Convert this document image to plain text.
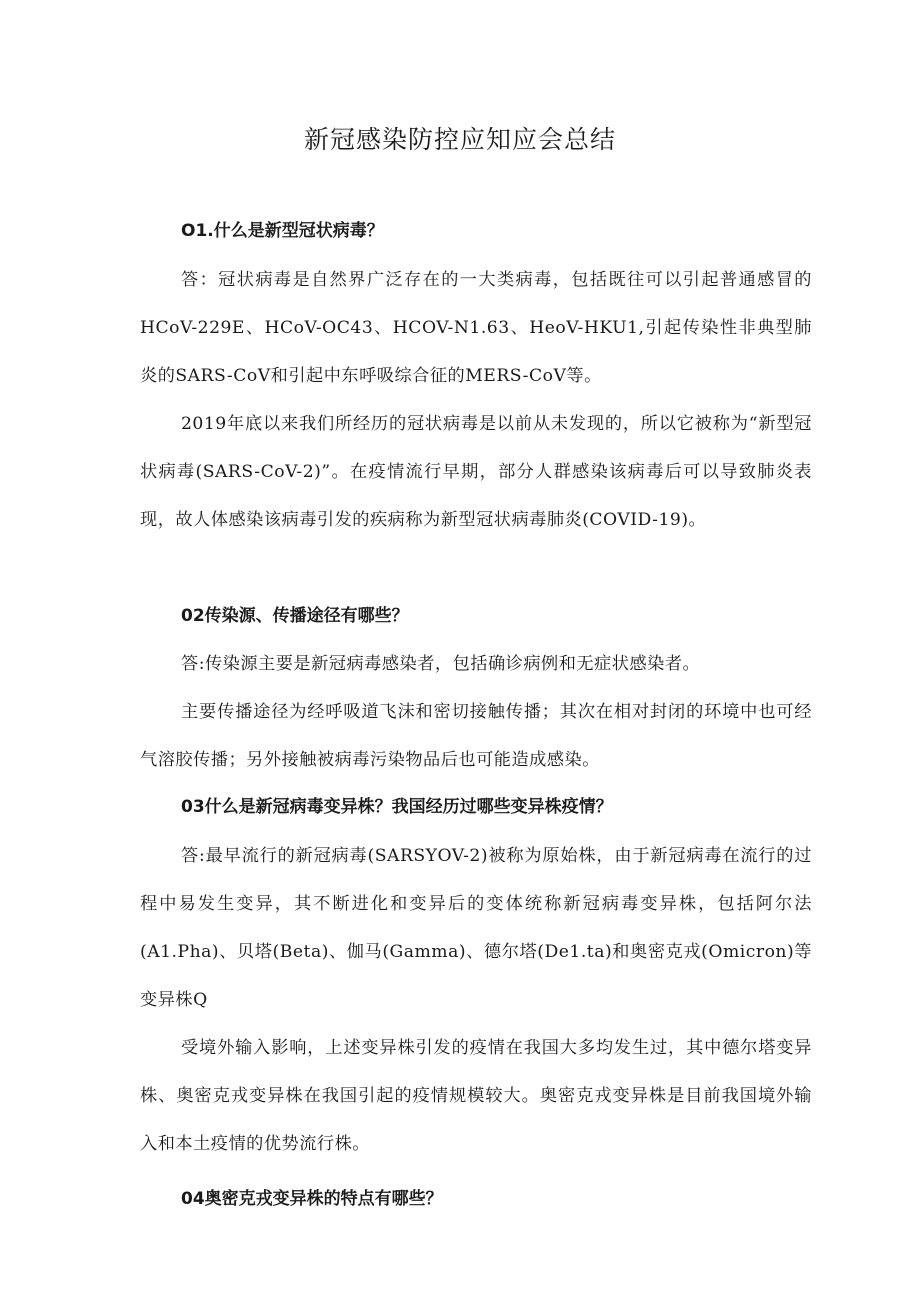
新冠感染防控应知应会总结
O1.什么是新型冠状病毒？

答：冠状病毒是自然界广泛存在的一大类病毒，包括既往可以引起普通感冒的HCoV-229E、HCoV-OC43、HCOV-N1.63、HeoV-HKU1,引起传染性非典型肺炎的SARS-CoV和引起中东呼吸综合征的MERS-CoV等。

2019年底以来我们所经历的冠状病毒是以前从未发现的，所以它被称为“新型冠状病毒(SARS-CoV-2)”。在疫情流行早期，部分人群感染该病毒后可以导致肺炎表现，故人体感染该病毒引发的疾病称为新型冠状病毒肺炎(COVID-19)。

02传染源、传播途径有哪些？

答:传染源主要是新冠病毒感染者，包括确诊病例和无症状感染者。

主要传播途径为经呼吸道飞沫和密切接触传播；其次在相对封闭的环境中也可经气溶胶传播；另外接触被病毒污染物品后也可能造成感染。

03什么是新冠病毒变异株？我国经历过哪些变异株疫情？

答:最早流行的新冠病毒(SARSYOV-2)被称为原始株，由于新冠病毒在流行的过程中易发生变异，其不断进化和变异后的变体统称新冠病毒变异株，包括阿尔法(A1.Pha)、贝塔(Beta)、伽马(Gamma)、德尔塔(De1.ta)和奥密克戎(Omicron)等变异株Q

受境外输入影响，上述变异株引发的疫情在我国大多均发生过，其中德尔塔变异株、奥密克戎变异株在我国引起的疫情规模较大。奥密克戎变异株是目前我国境外输入和本土疫情的优势流行株。

04奥密克戎变异株的特点有哪些？
